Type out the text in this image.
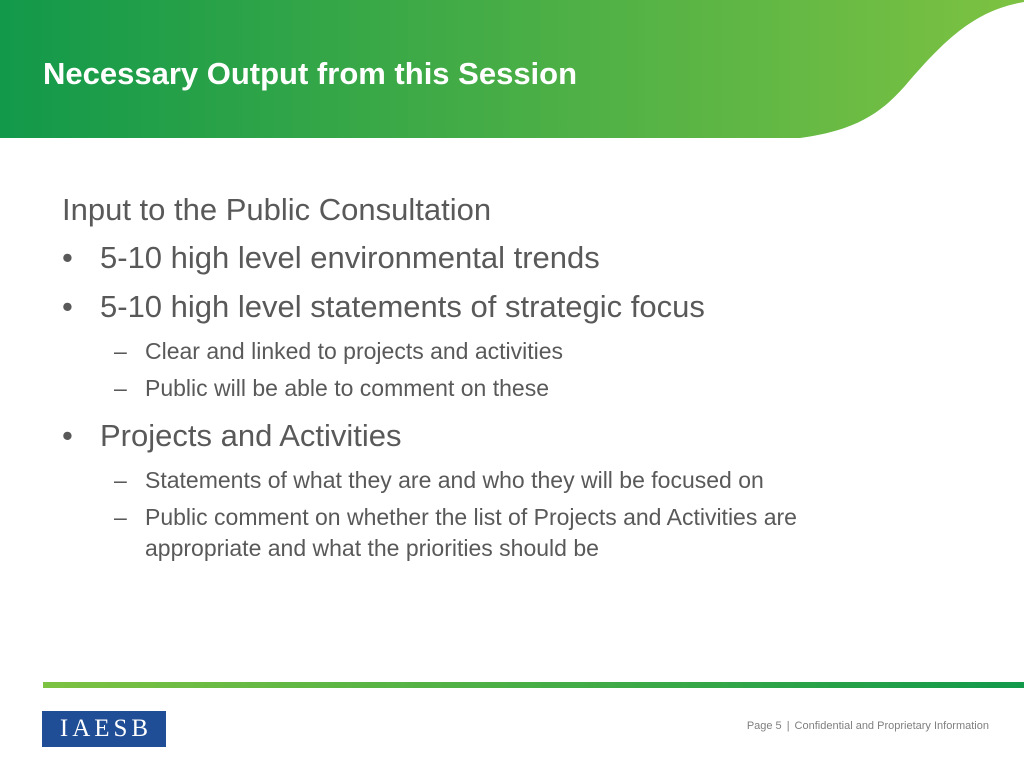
Necessary Output from this Session

Input to the Public Consultation

• 5-10 high level environmental trends
• 5-10 high level statements of strategic focus
– Clear and linked to projects and activities
– Public will be able to comment on these
• Projects and Activities
– Statements of what they are and who they will be focused on
– Public comment on whether the list of Projects and Activities are appropriate and what the priorities should be
IAESB	Page 5 | Confidential and Proprietary Information
